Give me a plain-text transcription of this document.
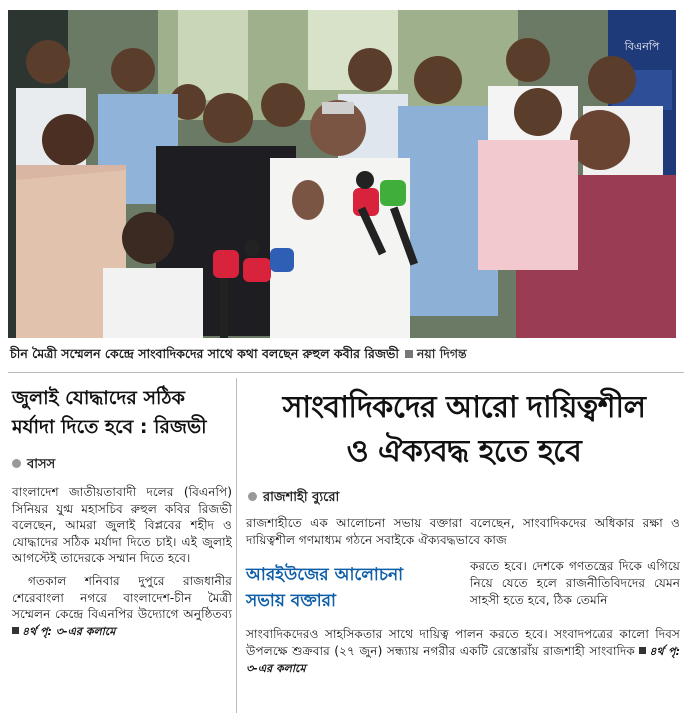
বিএনপি
চীন মৈত্রী সম্মেলন কেন্দ্রে সাংবাদিকদের সাথে কথা বলছেন রুহুল কবীর রিজভী নয়া দিগন্ত
জুলাই যোদ্ধাদের সঠিক
মর্যাদা দিতে হবে : রিজভী
বাসস

বাংলাদেশ জাতীয়তাবাদী দলের (বিএনপি) সিনিয়র যুগ্ম মহাসচিব রুহুল কবির রিজভী বলেছেন, আমরা জুলাই বিপ্লবের শহীদ ও যোদ্ধাদের সঠিক মর্যাদা দিতে চাই। এই জুলাই আগস্টেই তাদেরকে সম্মান দিতে হবে।

গতকাল শনিবার দুপুরে রাজধানীর শেরেবাংলা নগরে বাংলাদেশ-চীন মৈত্রী সম্মেলন কেন্দ্রে বিএনপির উদ্যোগে অনুষ্ঠিতব্য ৪র্থ পৃ: ৩-এর কলামে

সাংবাদিকদের আরো দায়িত্বশীল
ও ঐক্যবদ্ধ হতে হবে
রাজশাহী ব্যুরো

রাজশাহীতে এক আলোচনা সভায় বক্তারা বলেছেন, সাংবাদিকদের অধিকার রক্ষা ও দায়িত্বশীল গণমাধ্যম গঠনে সবাইকে ঐক্যবদ্ধভাবে কাজ

আরইউজের আলোচনা
সভায় বক্তারা

করতে হবে। দেশকে গণতন্ত্রের দিকে এগিয়ে নিয়ে যেতে হলে রাজনীতিবিদদের যেমন সাহসী হতে হবে, ঠিক তেমনি

সাংবাদিকদেরও সাহসিকতার সাথে দায়িত্ব পালন করতে হবে। সংবাদপত্রের কালো দিবস উপলক্ষে শুক্রবার (২৭ জুন) সন্ধ্যায় নগরীর একটি রেস্তোরাঁয় রাজশাহী সাংবাদিক ৪র্থ পৃ: ৩-এর কলামে
